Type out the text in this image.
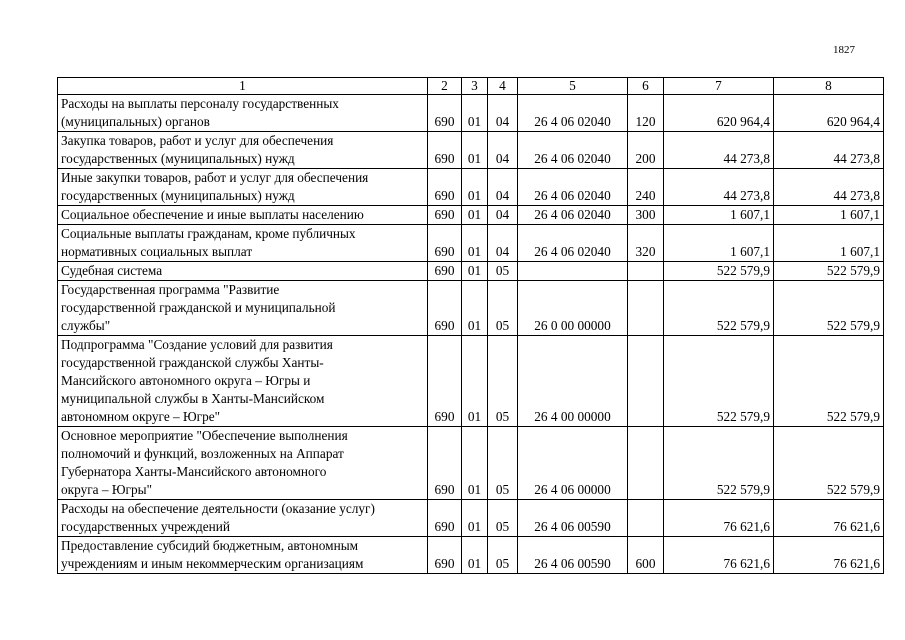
1827
1	2	3	4	5	6	7	8
Расходы на выплаты персоналу государственных
(муниципальных) органов	690	01	04	26 4 06 02040	120	620 964,4	620 964,4
Закупка товаров, работ и услуг для обеспечения
государственных (муниципальных) нужд	690	01	04	26 4 06 02040	200	44 273,8	44 273,8
Иные закупки товаров, работ и услуг для обеспечения
государственных (муниципальных) нужд	690	01	04	26 4 06 02040	240	44 273,8	44 273,8
Социальное обеспечение и иные выплаты населению	690	01	04	26 4 06 02040	300	1 607,1	1 607,1
Социальные выплаты гражданам, кроме публичных
нормативных социальных выплат	690	01	04	26 4 06 02040	320	1 607,1	1 607,1
Судебная система	690	01	05			522 579,9	522 579,9
Государственная программа "Развитие
государственной гражданской и муниципальной
службы"	690	01	05	26 0 00 00000		522 579,9	522 579,9
Подпрограмма "Создание условий для развития
государственной гражданской службы Ханты-
Мансийского автономного округа – Югры и
муниципальной службы в Ханты-Мансийском
автономном округе – Югре"	690	01	05	26 4 00 00000		522 579,9	522 579,9
Основное мероприятие "Обеспечение выполнения
полномочий и функций, возложенных на Аппарат
Губернатора Ханты-Мансийского автономного
округа – Югры"	690	01	05	26 4 06 00000		522 579,9	522 579,9
Расходы на обеспечение деятельности (оказание услуг)
государственных учреждений	690	01	05	26 4 06 00590		76 621,6	76 621,6
Предоставление субсидий бюджетным, автономным
учреждениям и иным некоммерческим организациям	690	01	05	26 4 06 00590	600	76 621,6	76 621,6
